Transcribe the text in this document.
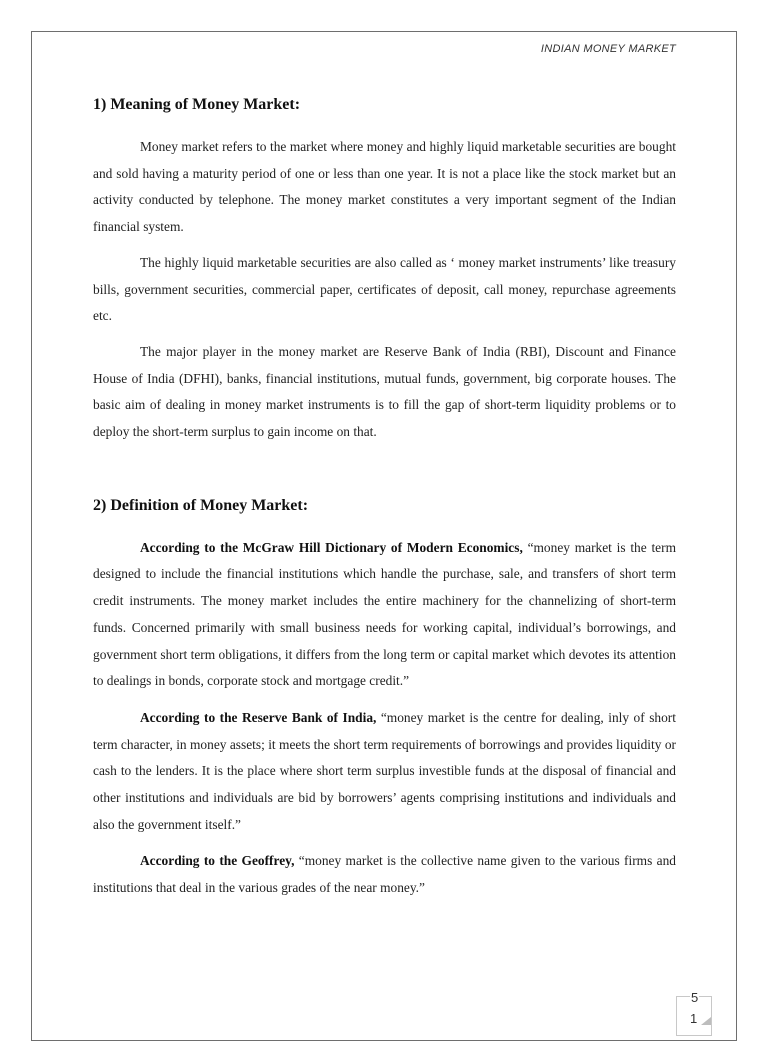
INDIAN MONEY MARKET
1) Meaning of Money Market:

Money market refers to the market where money and highly liquid marketable securities are bought and sold having a maturity period of one or less than one year. It is not a place like the stock market but an activity conducted by telephone. The money market constitutes a very important segment of the Indian financial system.

The highly liquid marketable securities are also called as ‘ money market instruments’ like treasury bills, government securities, commercial paper, certificates of deposit, call money, repurchase agreements etc.

The major player in the money market are Reserve Bank of India (RBI), Discount and Finance House of India (DFHI), banks, financial institutions, mutual funds, government, big corporate houses. The basic aim of dealing in money market instruments is to fill the gap of short-term liquidity problems or to deploy the short-term surplus to gain income on that.

2) Definition of Money Market:

According to the McGraw Hill Dictionary of Modern Economics, “money market is the term designed to include the financial institutions which handle the purchase, sale, and transfers of short term credit instruments. The money market includes the entire machinery for the channelizing of short-term funds. Concerned primarily with small business needs for working capital, individual’s borrowings, and government short term obligations, it differs from the long term or capital market which devotes its attention to dealings in bonds, corporate stock and mortgage credit.”

According to the Reserve Bank of India, “money market is the centre for dealing, inly of short term character, in money assets; it meets the short term requirements of borrowings and provides liquidity or cash to the lenders. It is the place where short term surplus investible funds at the disposal of financial and other institutions and individuals are bid by borrowers’ agents comprising institutions and individuals and also the government itself.”

According to the Geoffrey, “money market is the collective name given to the various firms and institutions that deal in the various grades of the near money.”

5
1
